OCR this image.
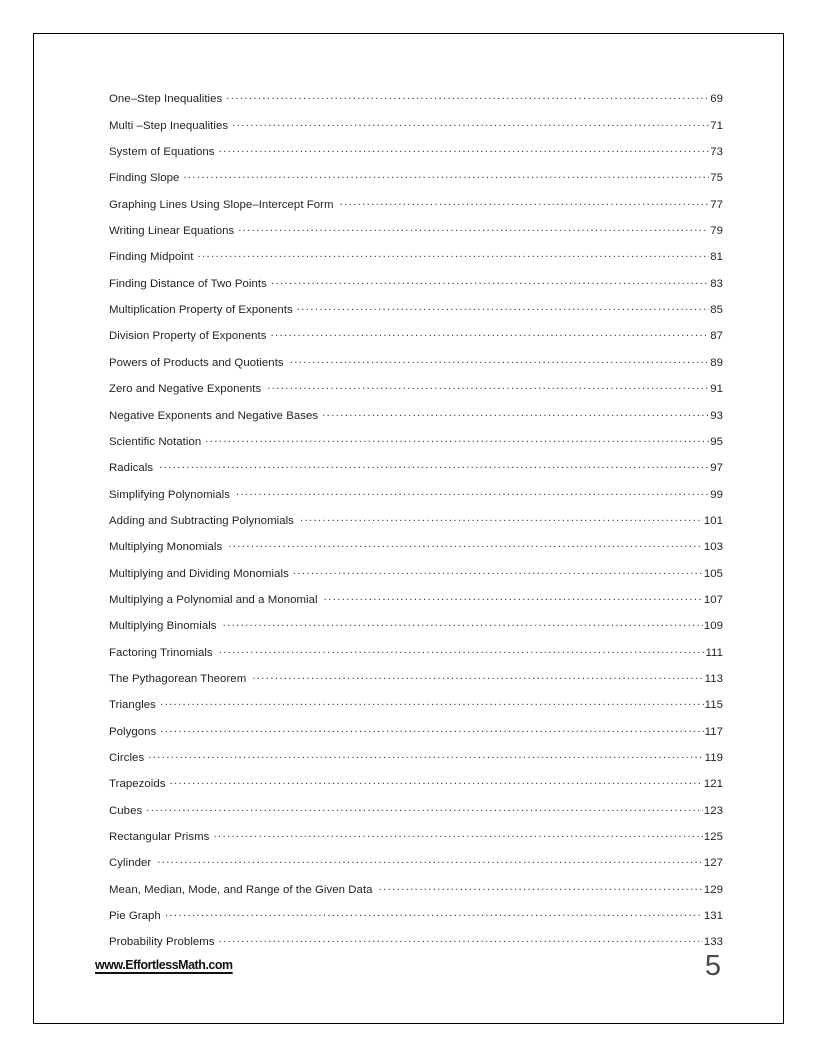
One–Step Inequalities .....	69
Multi –Step Inequalities .....	71
System of Equations .....	73
Finding Slope .....	75
Graphing Lines Using Slope–Intercept Form .....	77
Writing Linear Equations .....	79
Finding Midpoint .....	81
Finding Distance of Two Points .....	83
Multiplication Property of Exponents .....	85
Division Property of Exponents .....	87
Powers of Products and Quotients .....	89
Zero and Negative Exponents .....	91
Negative Exponents and Negative Bases .....	93
Scientific Notation .....	95
Radicals .....	97
Simplifying Polynomials .....	99
Adding and Subtracting Polynomials .....	101
Multiplying Monomials .....	103
Multiplying and Dividing Monomials .....	105
Multiplying a Polynomial and a Monomial .....	107
Multiplying Binomials .....	109
Factoring Trinomials .....	111
The Pythagorean Theorem .....	113
Triangles .....	115
Polygons .....	117
Circles .....	119
Trapezoids .....	121
Cubes .....	123
Rectangular Prisms .....	125
Cylinder .....	127
Mean, Median, Mode, and Range of the Given Data .....	129
Pie Graph .....	131
Probability Problems .....	133
www.EffortlessMath.com	5
